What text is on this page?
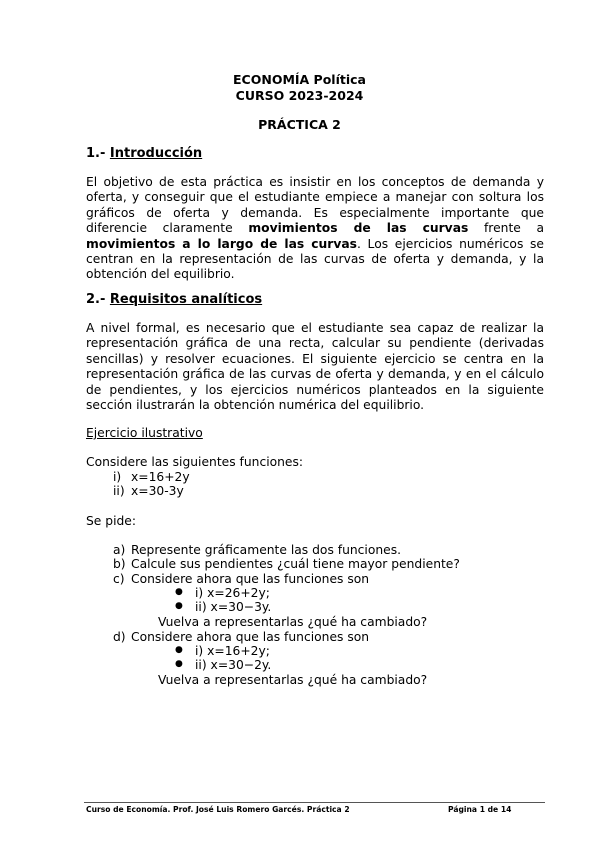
ECONOMÍA Política
CURSO 2023-2024
PRÁCTICA 2
1.- Introducción
El objetivo de esta práctica es insistir en los conceptos de demanda y oferta, y conseguir que el estudiante empiece a manejar con soltura los gráficos de oferta y demanda. Es especialmente importante que diferencie claramente movimientos de las curvas frente a movimientos a lo largo de las curvas. Los ejercicios numéricos se centran en la representación de las curvas de oferta y demanda, y la obtención del equilibrio.
2.- Requisitos analíticos
A nivel formal, es necesario que el estudiante sea capaz de realizar la representación gráfica de una recta, calcular su pendiente (derivadas sencillas) y resolver ecuaciones. El siguiente ejercicio se centra en la representación gráfica de las curvas de oferta y demanda, y en el cálculo de pendientes, y los ejercicios numéricos planteados en la siguiente sección ilustrarán la obtención numérica del equilibrio.
Ejercicio ilustrativo
Considere las siguientes funciones:
i) x=16+2y
ii) x=30-3y
Se pide:
a) Represente gráficamente las dos funciones.
b) Calcule sus pendientes ¿cuál tiene mayor pendiente?
c) Considere ahora que las funciones son
● i) x=26+2y;
● ii) x=30−3y.
Vuelva a representarlas ¿qué ha cambiado?
d) Considere ahora que las funciones son
● i) x=16+2y;
● ii) x=30−2y.
Vuelva a representarlas ¿qué ha cambiado?
Curso de Economía. Prof. José Luis Romero Garcés. Práctica 2	Página 1 de 14
